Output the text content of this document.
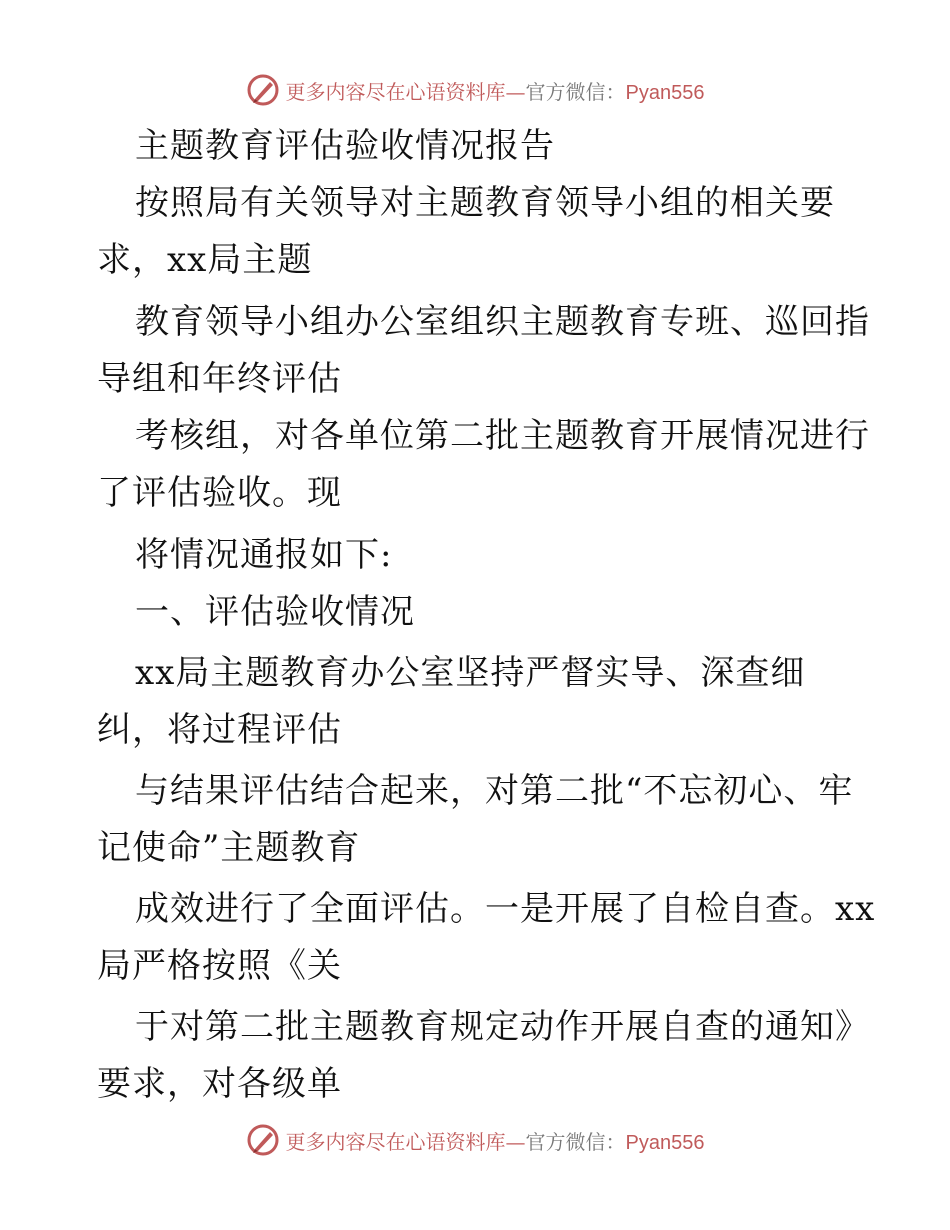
更多内容尽在心语资料库—官方微信：Pyan556
主题教育评估验收情况报告
按照局有关领导对主题教育领导小组的相关要
求，xx局主题
教育领导小组办公室组织主题教育专班、巡回指
导组和年终评估
考核组，对各单位第二批主题教育开展情况进行
了评估验收。现
将情况通报如下:
一、评估验收情况
xx局主题教育办公室坚持严督实导、深查细
纠，将过程评估
与结果评估结合起来，对第二批“不忘初心、牢
记使命”主题教育
成效进行了全面评估。一是开展了自检自查。xx
局严格按照《关
于对第二批主题教育规定动作开展自查的通知》
要求，对各级单
更多内容尽在心语资料库—官方微信：Pyan556
